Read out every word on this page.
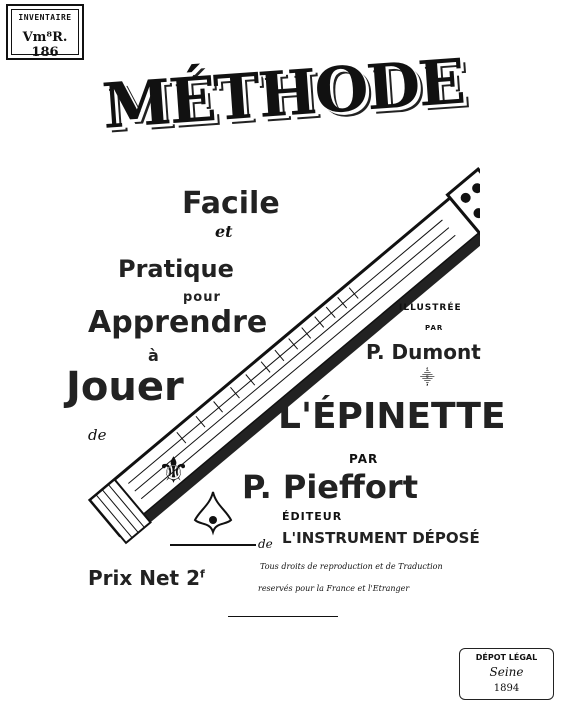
INVENTAIRE
Vm⁸R. 186
⚜
MÉTHODE
Facile
et
Pratique
pour
Apprendre
à
Jouer
de
ILLUSTRÉE
PAR
P. Dumont
⸎
L'ÉPINETTE
PAR
P. Pieffort
ÉDITEUR
de L'INSTRUMENT DÉPOSÉ
Tous droits de reproduction et de Traduction
reservés pour la France et l'Etranger
Prix Net 2$^f$
DÉPOT LÉGAL
Seine
1894
